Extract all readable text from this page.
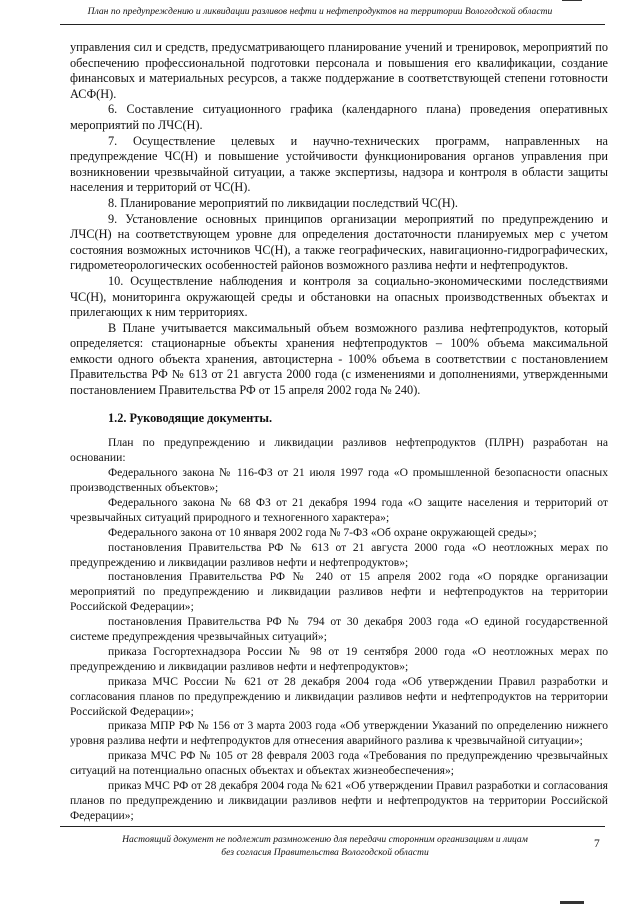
План по предупреждению и ликвидации разливов нефти и нефтепродуктов на территории Вологодской области

управления сил и средств, предусматривающего планирование учений и тренировок, мероприятий по обеспечению профессиональной подготовки персонала и повышения его квалификации, создание финансовых и материальных ресурсов, а также поддержание в соответствующей степени готовности АСФ(Н).

6. Составление ситуационного графика (календарного плана) проведения оперативных мероприятий по ЛЧС(Н).

7. Осуществление целевых и научно-технических программ, направленных на предупреждение ЧС(Н) и повышение устойчивости функционирования органов управления при возникновении чрезвычайной ситуации, а также экспертизы, надзора и контроля в области защиты населения и территорий от ЧС(Н).

8. Планирование мероприятий по ликвидации последствий ЧС(Н).

9. Установление основных принципов организации мероприятий по предупреждению и ЛЧС(Н) на соответствующем уровне для определения достаточности планируемых мер с учетом состояния возможных источников ЧС(Н), а также географических, навигационно-гидрографических, гидрометеорологических особенностей районов возможного разлива нефти и нефтепродуктов.

10. Осуществление наблюдения и контроля за социально-экономическими последствиями ЧС(Н), мониторинга окружающей среды и обстановки на опасных производственных объектах и прилегающих к ним территориях.

В Плане учитывается максимальный объем возможного разлива нефтепродуктов, который определяется: стационарные объекты хранения нефтепродуктов – 100% объема максимальной емкости одного объекта хранения, автоцистерна - 100% объема в соответствии с постановлением Правительства РФ № 613 от 21 августа 2000 года (с изменениями и дополнениями, утвержденными постановлением Правительства РФ от 15 апреля 2002 года № 240).

1.2. Руководящие документы.

План по предупреждению и ликвидации разливов нефтепродуктов (ПЛРН) разработан на основании:

Федерального закона № 116-ФЗ от 21 июля 1997 года «О промышленной безопасности опасных производственных объектов»;

Федерального закона № 68 ФЗ от 21 декабря 1994 года «О защите населения и территорий от чрезвычайных ситуаций природного и техногенного характера»;

Федерального закона от 10 января 2002 года № 7-ФЗ «Об охране окружающей среды»;

постановления Правительства РФ № 613 от 21 августа 2000 года «О неотложных мерах по предупреждению и ликвидации разливов нефти и нефтепродуктов»;

постановления Правительства РФ № 240 от 15 апреля 2002 года «О порядке организации мероприятий по предупреждению и ликвидации разливов нефти и нефтепродуктов на территории Российской Федерации»;

постановления Правительства РФ № 794 от 30 декабря 2003 года «О единой государственной системе предупреждения чрезвычайных ситуаций»;

приказа Госгортехнадзора России № 98 от 19 сентября 2000 года «О неотложных мерах по предупреждению и ликвидации разливов нефти и нефтепродуктов»;

приказа МЧС России № 621 от 28 декабря 2004 года «Об утверждении Правил разработки и согласования планов по предупреждению и ликвидации разливов нефти и нефтепродуктов на территории Российской Федерации»;

приказа МПР РФ № 156 от 3 марта 2003 года «Об утверждении Указаний по определению нижнего уровня разлива нефти и нефтепродуктов для отнесения аварийного разлива к чрезвычайной ситуации»;

приказа МЧС РФ № 105 от 28 февраля 2003 года «Требования по предупреждению чрезвычайных ситуаций на потенциально опасных объектах и объектах жизнеобеспечения»;

приказ МЧС РФ от 28 декабря 2004 года № 621 «Об утверждении Правил разработки и согласования планов по предупреждению и ликвидации разливов нефти и нефтепродуктов на территории Российской Федерации»;

Настоящий документ не подлежит размножению для передачи сторонним организациям и лицам
без согласия Правительства Вологодской области
7
